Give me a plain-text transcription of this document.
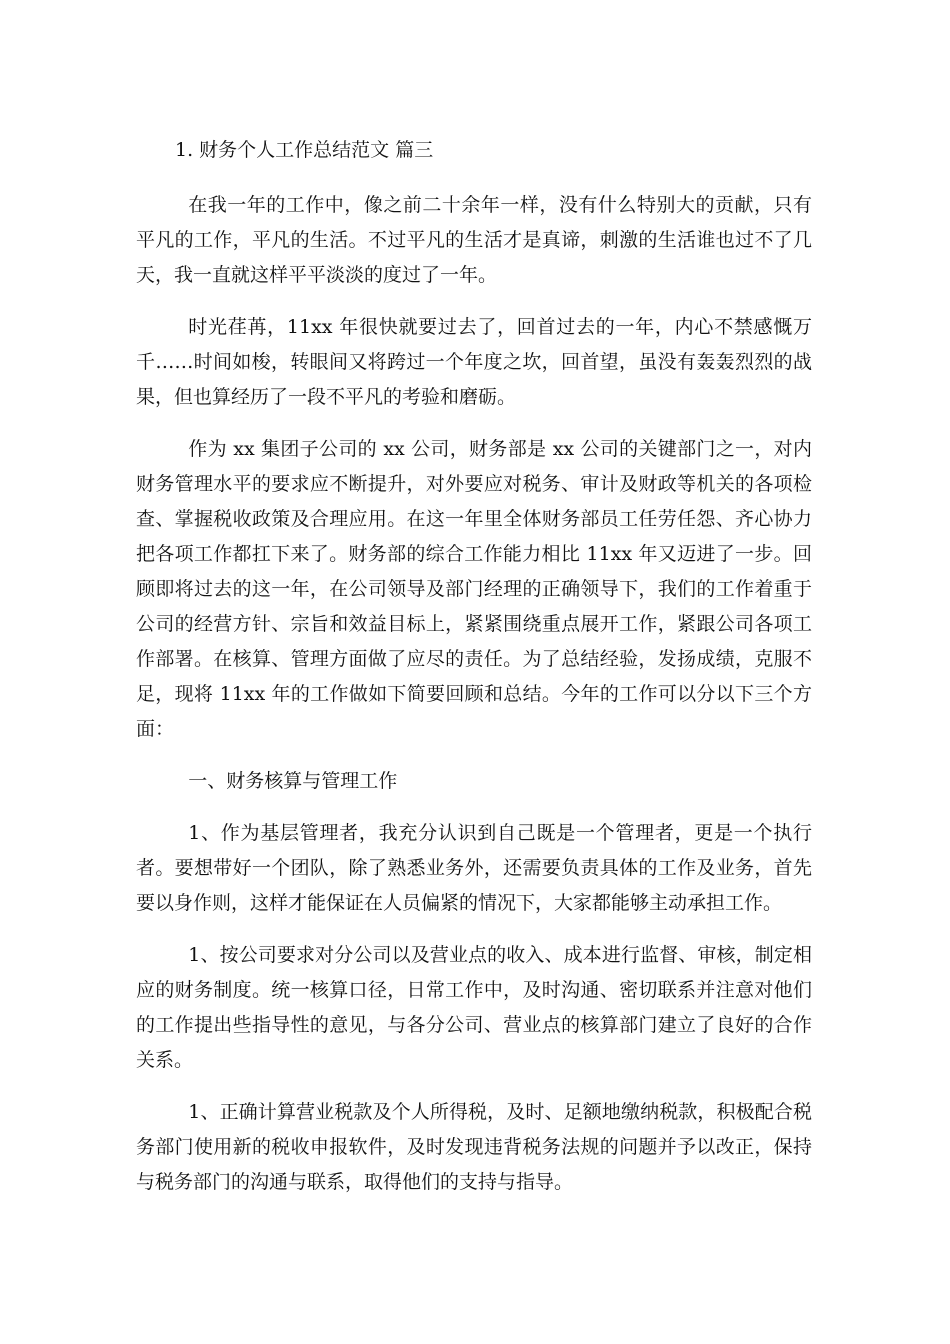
1. 财务个人工作总结范文 篇三

在我一年的工作中，像之前二十余年一样，没有什么特别大的贡献，只有平凡的工作，平凡的生活。不过平凡的生活才是真谛，刺激的生活谁也过不了几天，我一直就这样平平淡淡的度过了一年。

时光荏苒，11xx 年很快就要过去了，回首过去的一年，内心不禁感慨万千……时间如梭，转眼间又将跨过一个年度之坎，回首望，虽没有轰轰烈烈的战果，但也算经历了一段不平凡的考验和磨砺。

作为 xx 集团子公司的 xx 公司，财务部是 xx 公司的关键部门之一，对内财务管理水平的要求应不断提升，对外要应对税务、审计及财政等机关的各项检查、掌握税收政策及合理应用。在这一年里全体财务部员工任劳任怨、齐心协力把各项工作都扛下来了。财务部的综合工作能力相比 11xx 年又迈进了一步。回顾即将过去的这一年，在公司领导及部门经理的正确领导下，我们的工作着重于公司的经营方针、宗旨和效益目标上，紧紧围绕重点展开工作，紧跟公司各项工作部署。在核算、管理方面做了应尽的责任。为了总结经验，发扬成绩，克服不足，现将 11xx 年的工作做如下简要回顾和总结。今年的工作可以分以下三个方面：

一、财务核算与管理工作

1、作为基层管理者，我充分认识到自己既是一个管理者，更是一个执行者。要想带好一个团队，除了熟悉业务外，还需要负责具体的工作及业务，首先要以身作则，这样才能保证在人员偏紧的情况下，大家都能够主动承担工作。

1、按公司要求对分公司以及营业点的收入、成本进行监督、审核，制定相应的财务制度。统一核算口径，日常工作中，及时沟通、密切联系并注意对他们的工作提出些指导性的意见，与各分公司、营业点的核算部门建立了良好的合作关系。

1、正确计算营业税款及个人所得税，及时、足额地缴纳税款，积极配合税务部门使用新的税收申报软件，及时发现违背税务法规的问题并予以改正，保持与税务部门的沟通与联系，取得他们的支持与指导。
